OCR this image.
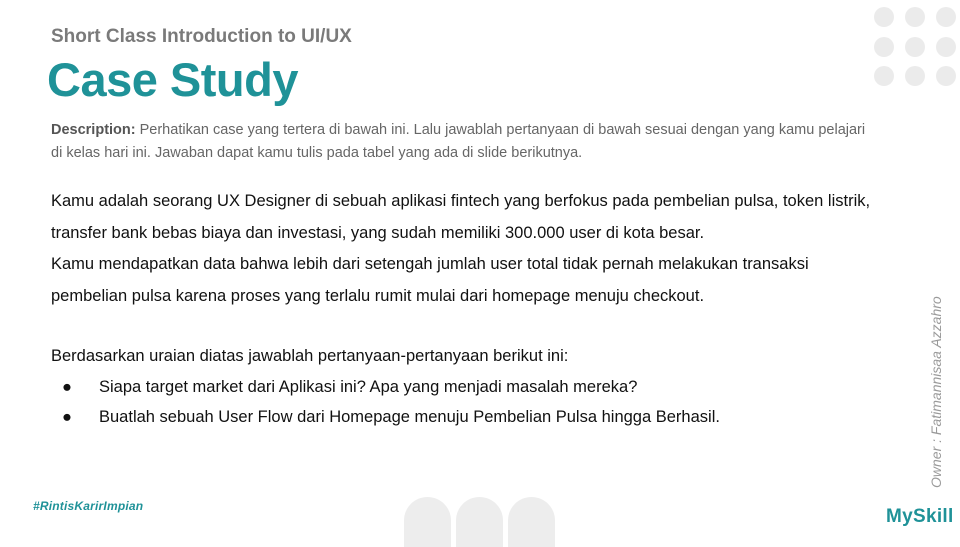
Short Class Introduction to UI/UX
Case Study
Description: Perhatikan case yang tertera di bawah ini. Lalu jawablah pertanyaan di bawah sesuai dengan yang kamu pelajari di kelas hari ini. Jawaban dapat kamu tulis pada tabel yang ada di slide berikutnya.

Kamu adalah seorang UX Designer di sebuah aplikasi fintech yang berfokus pada pembelian pulsa, token listrik, transfer bank bebas biaya dan investasi, yang sudah memiliki 300.000 user di kota besar.

Kamu mendapatkan data bahwa lebih dari setengah jumlah user total tidak pernah melakukan transaksi pembelian pulsa karena proses yang terlalu rumit mulai dari homepage menuju checkout.

Berdasarkan uraian diatas jawablah pertanyaan-pertanyaan berikut ini:
● Siapa target market dari Aplikasi ini? Apa yang menjadi masalah mereka?
● Buatlah sebuah User Flow dari Homepage menuju Pembelian Pulsa hingga Berhasil.	Owner : Fatimannisaa Azzahro
#RintisKarirImpian	MySkill
